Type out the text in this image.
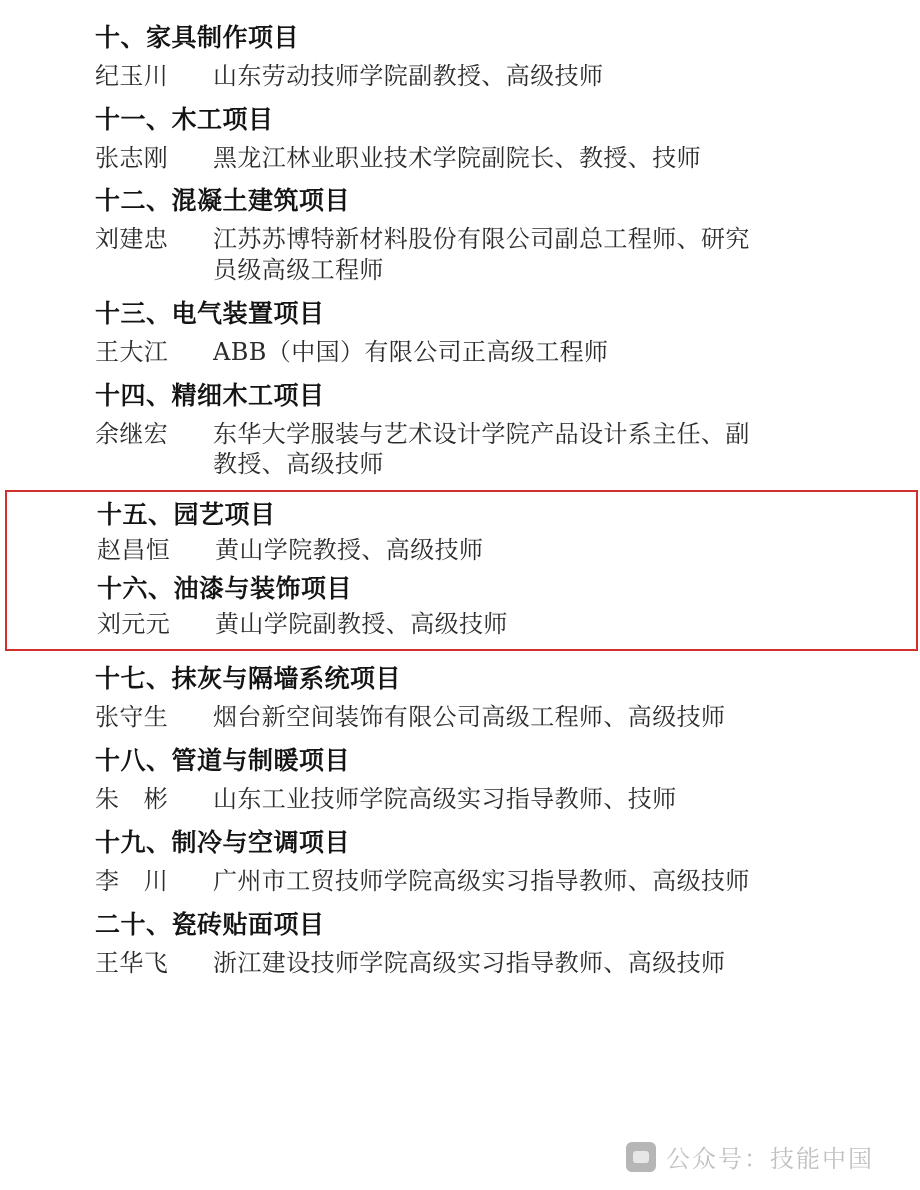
十、家具制作项目
纪玉川	山东劳动技师学院副教授、高级技师
十一、木工项目
张志刚	黑龙江林业职业技术学院副院长、教授、技师
十二、混凝土建筑项目
刘建忠	江苏苏博特新材料股份有限公司副总工程师、研究
员级高级工程师
十三、电气装置项目
王大江	ABB（中国）有限公司正高级工程师
十四、精细木工项目
余继宏	东华大学服装与艺术设计学院产品设计系主任、副
教授、高级技师
十五、园艺项目
赵昌恒	黄山学院教授、高级技师
十六、油漆与装饰项目
刘元元	黄山学院副教授、高级技师
十七、抹灰与隔墙系统项目
张守生	烟台新空间装饰有限公司高级工程师、高级技师
十八、管道与制暖项目
朱　彬	山东工业技师学院高级实习指导教师、技师
十九、制冷与空调项目
李　川	广州市工贸技师学院高级实习指导教师、高级技师
二十、瓷砖贴面项目
王华飞	浙江建设技师学院高级实习指导教师、高级技师
公众号：技能中国
